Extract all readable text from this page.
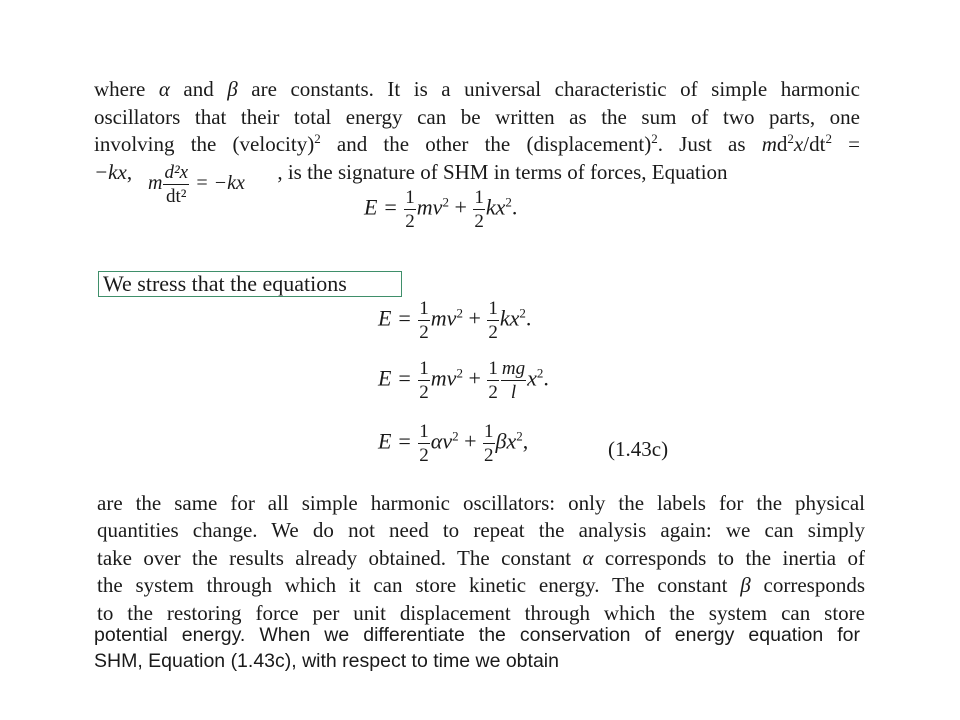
where α and β are constants. It is a universal characteristic of simple harmonic
oscillators that their total energy can be written as the sum of two parts, one
involving the (velocity)$^2$ and the other the (displacement)$^2$. Just as $md^2x/dt^2$ =
−kx,	, is the signature of SHM in terms of forces, Equation
m $\frac{\text{d²x}}{\text{dt²}} = -kx$
$E = \frac{1}{2} mv^2 + \frac{1}{2} kx^2$.
We stress that the equations
$E = \frac{1}{2} mv^2 + \frac{1}{2} kx^2$.
$E = \frac{1}{2} mv^2 + \frac{1}{2} \frac{mg}{l} x^2$.
$E = \frac{1}{2} \alpha v^2 + \frac{1}{2} \beta x^2$,	(1.43c)
are the same for all simple harmonic oscillators: only the labels for the physical
quantities change. We do not need to repeat the analysis again: we can simply
take over the results already obtained. The constant α corresponds to the inertia of
the system through which it can store kinetic energy. The constant β corresponds
to the restoring force per unit displacement through which the system can store
potential energy. When we differentiate the conservation of energy equation for
SHM, Equation (1.43c), with respect to time we obtain
